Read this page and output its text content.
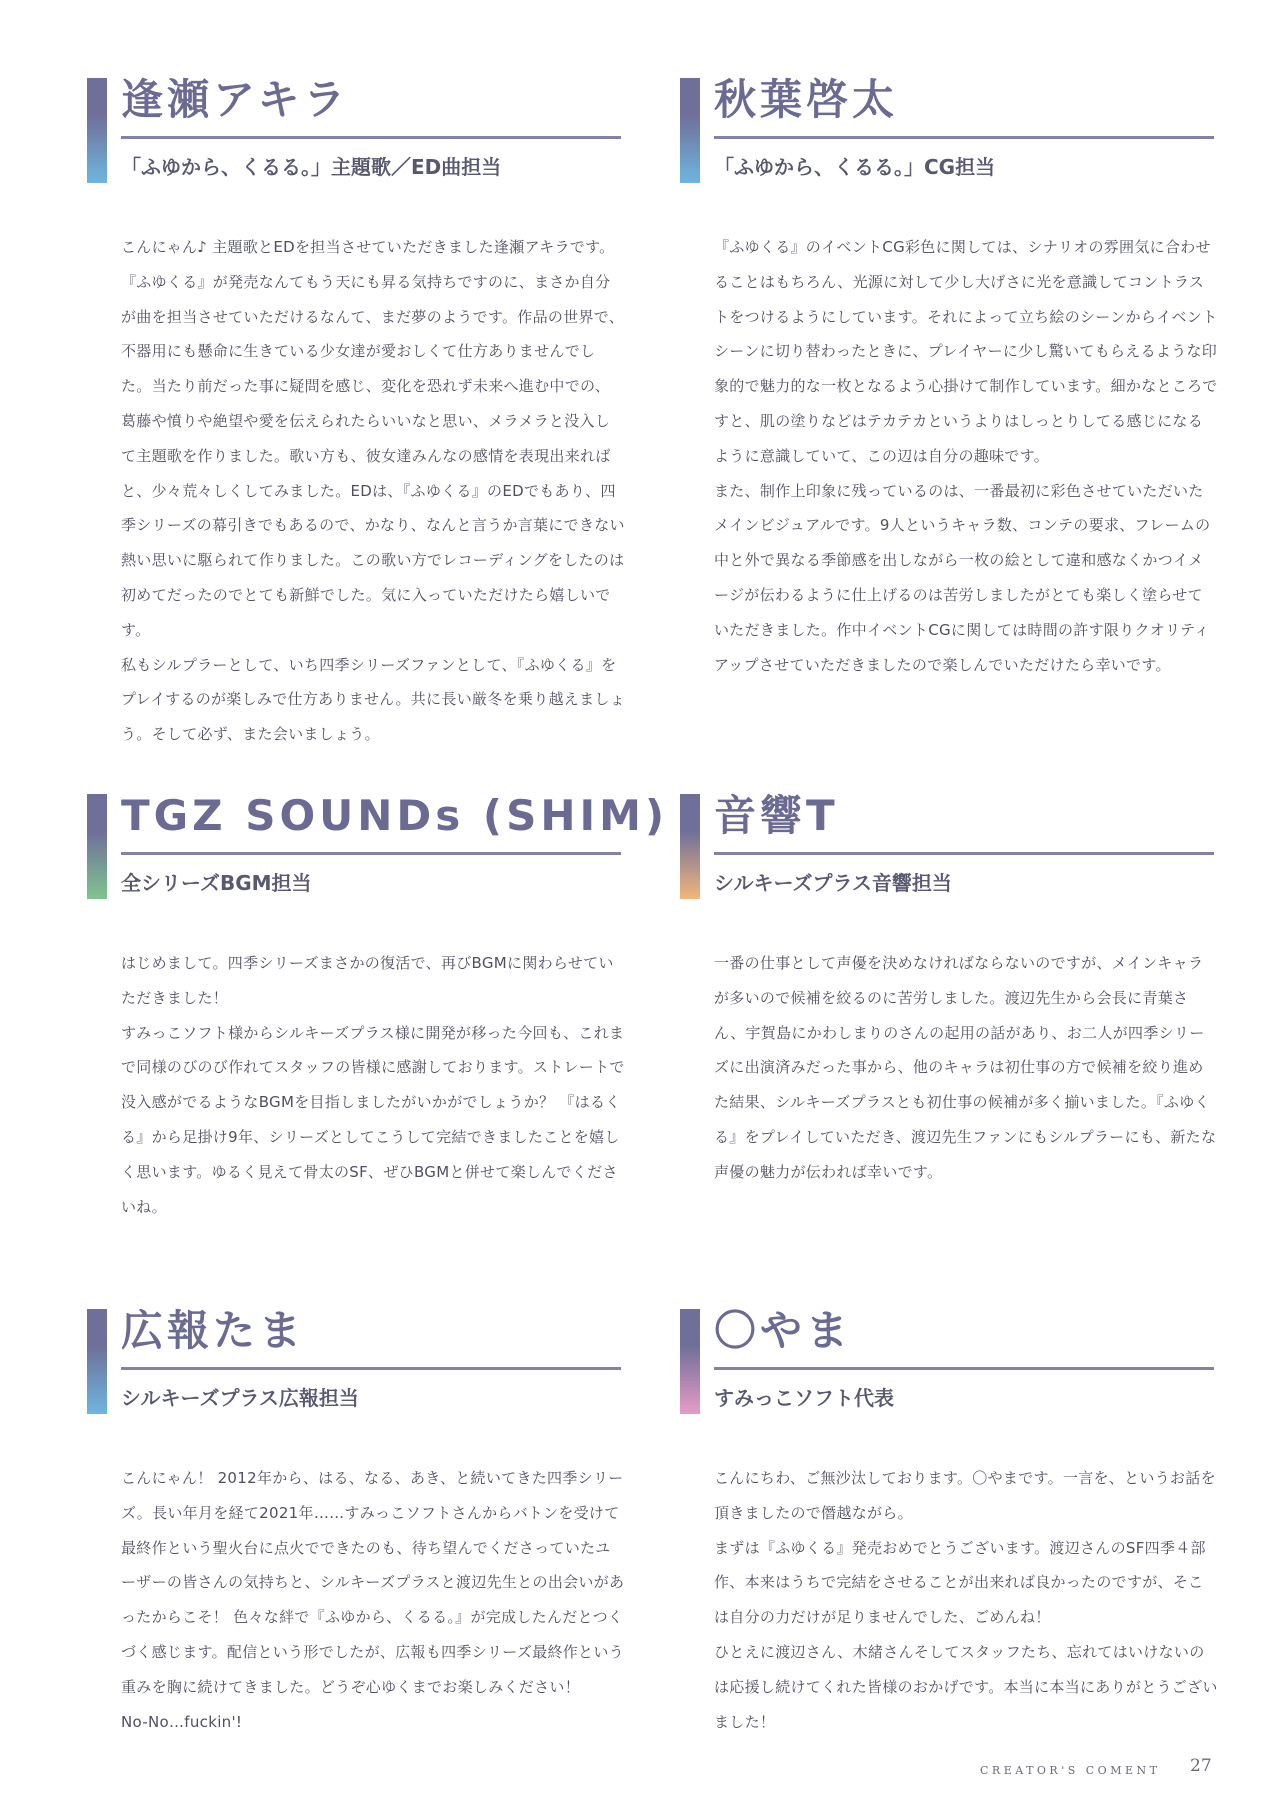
逢瀬アキラ
「ふゆから、くるる。」主題歌／ED曲担当

こんにゃん♪ 主題歌とEDを担当させていただきました逢瀬アキラです。『ふゆくる』が発売なんてもう天にも昇る気持ちですのに、まさか自分が曲を担当させていただけるなんて、まだ夢のようです。作品の世界で、不器用にも懸命に生きている少女達が愛おしくて仕方ありませんでした。当たり前だった事に疑問を感じ、変化を恐れず未来へ進む中での、葛藤や憤りや絶望や愛を伝えられたらいいなと思い、メラメラと没入して主題歌を作りました。歌い方も、彼女達みんなの感情を表現出来ればと、少々荒々しくしてみました。EDは、『ふゆくる』のEDでもあり、四季シリーズの幕引きでもあるので、かなり、なんと言うか言葉にできない熱い思いに駆られて作りました。この歌い方でレコーディングをしたのは初めてだったのでとても新鮮でした。気に入っていただけたら嬉しいです。

私もシルプラーとして、いち四季シリーズファンとして、『ふゆくる』をプレイするのが楽しみで仕方ありません。共に長い厳冬を乗り越えましょう。そして必ず、また会いましょう。

秋葉啓太
「ふゆから、くるる。」CG担当

『ふゆくる』のイベントCG彩色に関しては、シナリオの雰囲気に合わせることはもちろん、光源に対して少し大げさに光を意識してコントラストをつけるようにしています。それによって立ち絵のシーンからイベントシーンに切り替わったときに、プレイヤーに少し驚いてもらえるような印象的で魅力的な一枚となるよう心掛けて制作しています。細かなところですと、肌の塗りなどはテカテカというよりはしっとりしてる感じになるように意識していて、この辺は自分の趣味です。

また、制作上印象に残っているのは、一番最初に彩色させていただいたメインビジュアルです。9人というキャラ数、コンテの要求、フレームの中と外で異なる季節感を出しながら一枚の絵として違和感なくかつイメージが伝わるように仕上げるのは苦労しましたがとても楽しく塗らせていただきました。作中イベントCGに関しては時間の許す限りクオリティアップさせていただきましたので楽しんでいただけたら幸いです。

TGZ SOUNDs (SHIM)
全シリーズBGM担当

はじめまして。四季シリーズまさかの復活で、再びBGMに関わらせていただきました！

すみっこソフト様からシルキーズプラス様に開発が移った今回も、これまで同様のびのび作れてスタッフの皆様に感謝しております。ストレートで没入感がでるようなBGMを目指しましたがいかがでしょうか？ 『はるくる』から足掛け9年、シリーズとしてこうして完結できましたことを嬉しく思います。ゆるく見えて骨太のSF、ぜひBGMと併せて楽しんでくださいね。

音響T
シルキーズプラス音響担当

一番の仕事として声優を決めなければならないのですが、メインキャラが多いので候補を絞るのに苦労しました。渡辺先生から会長に青葉さん、宇賀島にかわしまりのさんの起用の話があり、お二人が四季シリーズに出演済みだった事から、他のキャラは初仕事の方で候補を絞り進めた結果、シルキーズプラスとも初仕事の候補が多く揃いました。『ふゆくる』をプレイしていただき、渡辺先生ファンにもシルプラーにも、新たな声優の魅力が伝われば幸いです。

広報たま
シルキーズプラス広報担当

こんにゃん！ 2012年から、はる、なる、あき、と続いてきた四季シリーズ。長い年月を経て2021年……すみっこソフトさんからバトンを受けて最終作という聖火台に点火でできたのも、待ち望んでくださっていたユーザーの皆さんの気持ちと、シルキーズプラスと渡辺先生との出会いがあったからこそ！ 色々な絆で『ふゆから、くるる。』が完成したんだとつくづく感じます。配信という形でしたが、広報も四季シリーズ最終作という重みを胸に続けてきました。どうぞ心ゆくまでお楽しみください！

No-No…fuckin'!

〇やま
すみっこソフト代表

こんにちわ、ご無沙汰しております。〇やまです。一言を、というお話を頂きましたので僭越ながら。

まずは『ふゆくる』発売おめでとうございます。渡辺さんのSF四季４部作、本来はうちで完結をさせることが出来れば良かったのですが、そこは自分の力だけが足りませんでした、ごめんね！

ひとえに渡辺さん、木緒さんそしてスタッフたち、忘れてはいけないのは応援し続けてくれた皆様のおかげです。本当に本当にありがとうございました！

CREATOR'S COMENT 27
